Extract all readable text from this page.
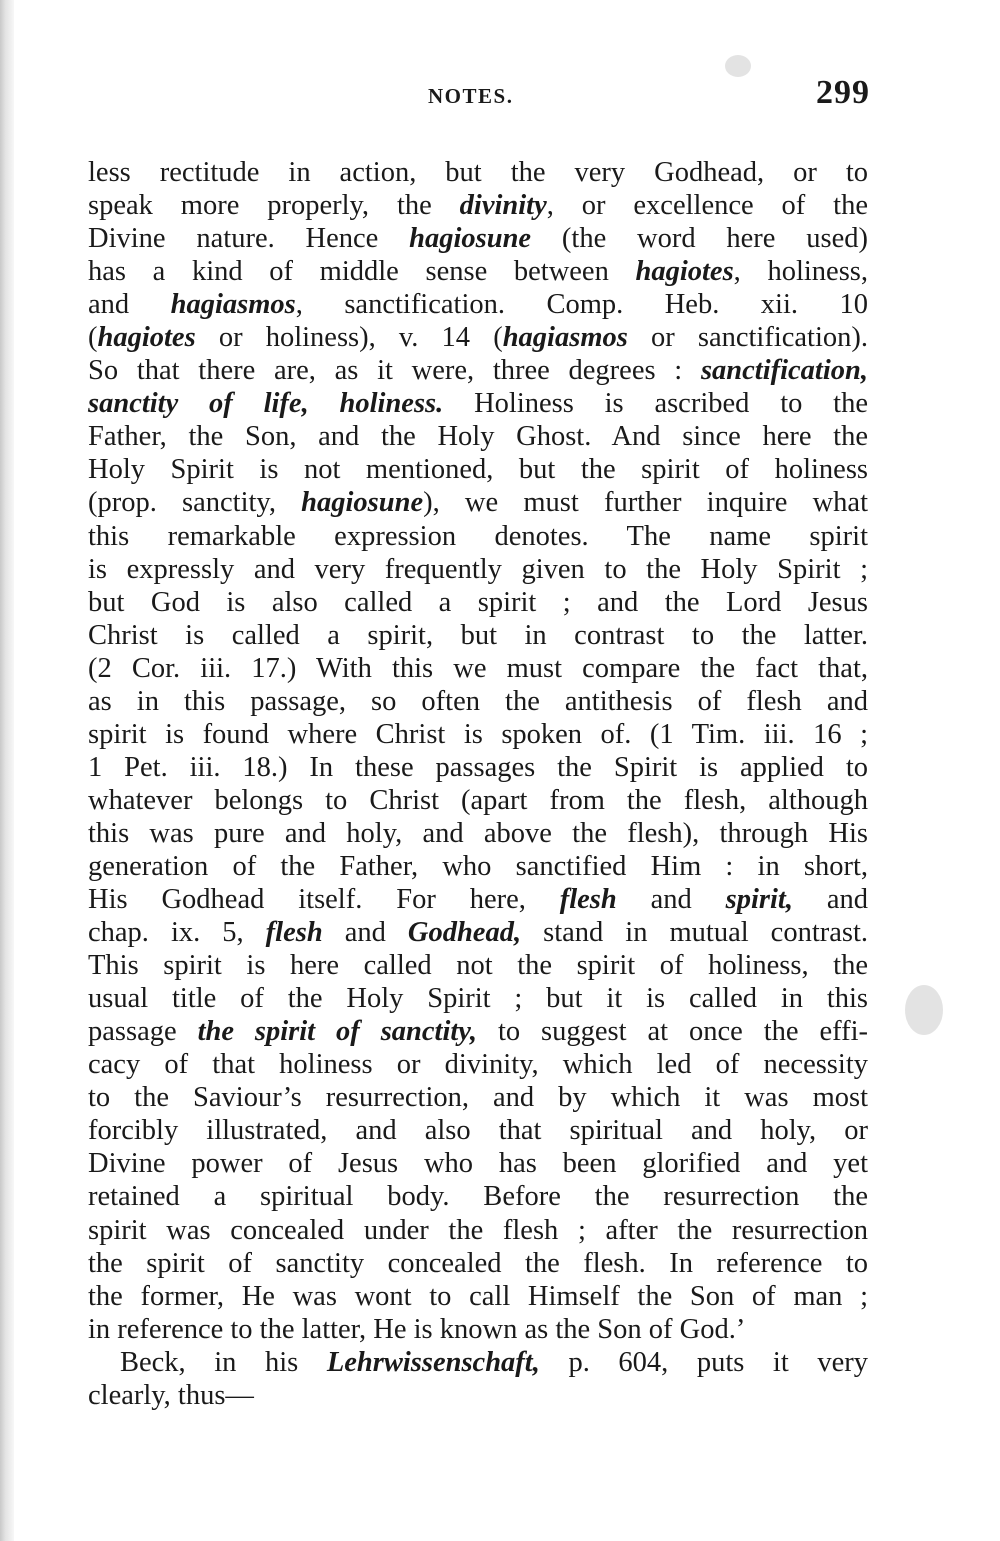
NOTES.	299
less rectitude in action, but the very Godhead, or to
speak more properly, the divinity, or excellence of the
Divine nature. Hence hagiosune (the word here used)
has a kind of middle sense between hagiotes, holiness,
and hagiasmos, sanctification. Comp. Heb. xii. 10
(hagiotes or holiness), v. 14 (hagiasmos or sanctification).
So that there are, as it were, three degrees : sanctification,
sanctity of life, holiness. Holiness is ascribed to the
Father, the Son, and the Holy Ghost. And since here the
Holy Spirit is not mentioned, but the spirit of holiness
(prop. sanctity, hagiosune), we must further inquire what
this remarkable expression denotes. The name spirit
is expressly and very frequently given to the Holy Spirit ;
but God is also called a spirit ; and the Lord Jesus
Christ is called a spirit, but in contrast to the latter.
(2 Cor. iii. 17.) With this we must compare the fact that,
as in this passage, so often the antithesis of flesh and
spirit is found where Christ is spoken of. (1 Tim. iii. 16 ;
1 Pet. iii. 18.) In these passages the Spirit is applied to
whatever belongs to Christ (apart from the flesh, although
this was pure and holy, and above the flesh), through His
generation of the Father, who sanctified Him : in short,
His Godhead itself. For here, flesh and spirit, and
chap. ix. 5, flesh and Godhead, stand in mutual contrast.
This spirit is here called not the spirit of holiness, the
usual title of the Holy Spirit ; but it is called in this
passage the spirit of sanctity, to suggest at once the effi-
cacy of that holiness or divinity, which led of necessity
to the Saviour’s resurrection, and by which it was most
forcibly illustrated, and also that spiritual and holy, or
Divine power of Jesus who has been glorified and yet
retained a spiritual body. Before the resurrection the
spirit was concealed under the flesh ; after the resurrection
the spirit of sanctity concealed the flesh. In reference to
the former, He was wont to call Himself the Son of man ;
in reference to the latter, He is known as the Son of God.’
Beck, in his Lehrwissenschaft, p. 604, puts it very
clearly, thus—
